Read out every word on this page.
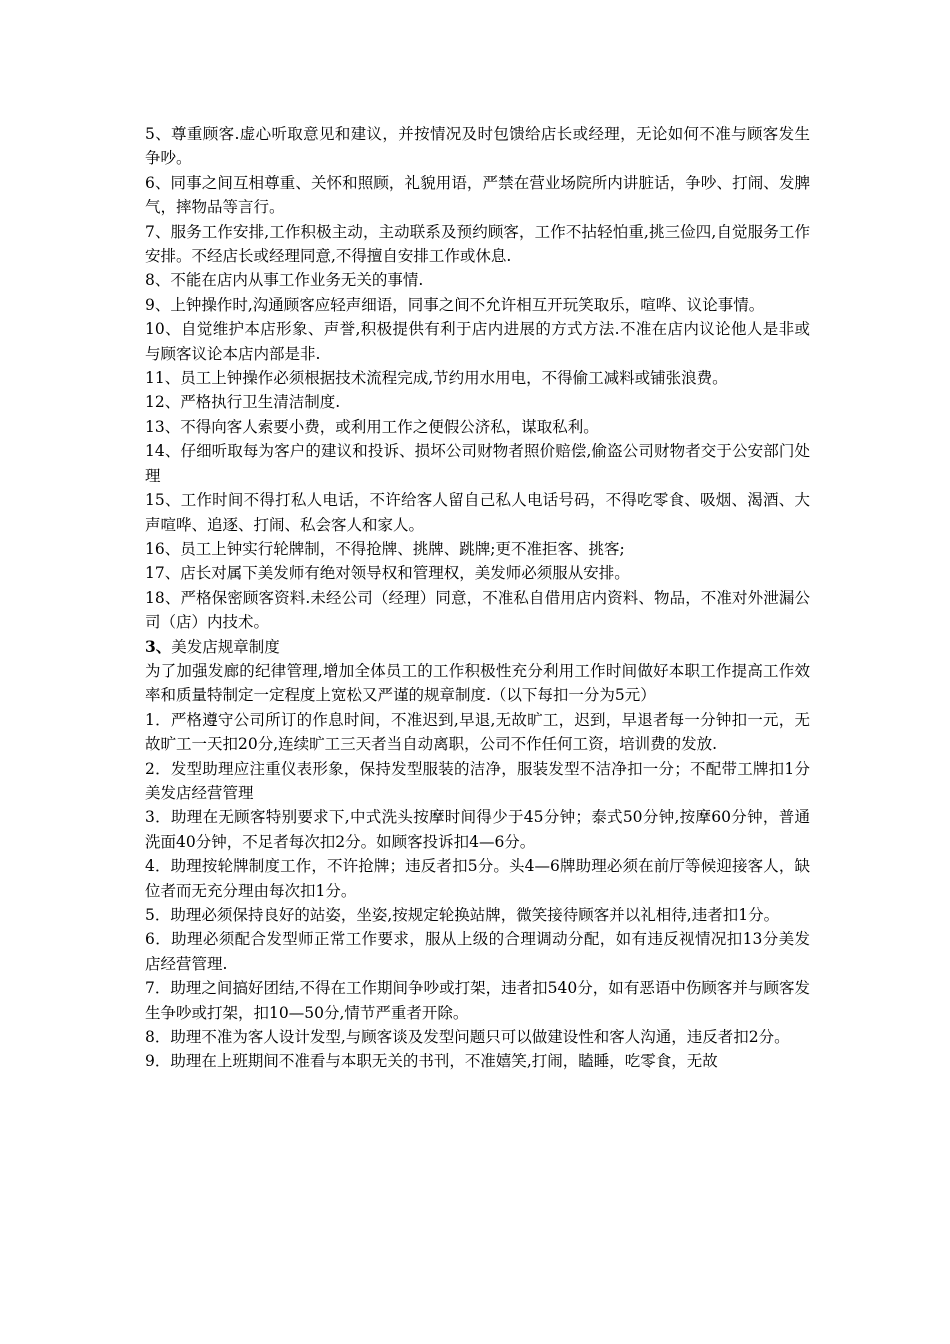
5、尊重顾客.虚心听取意见和建议，并按情况及时包馈给店长或经理，无论如何不准与顾客发生争吵。

6、同事之间互相尊重、关怀和照顾，礼貌用语，严禁在营业场院所内讲脏话，争吵、打闹、发脾气，摔物品等言行。

7、服务工作安排,工作积极主动，主动联系及预约顾客，工作不拈轻怕重,挑三俭四,自觉服务工作安排。不经店长或经理同意,不得擅自安排工作或休息.

8、不能在店内从事工作业务无关的事情.

9、上钟操作时,沟通顾客应轻声细语，同事之间不允许相互开玩笑取乐，喧哗、议论事情。

10、自觉维护本店形象、声誉,积极提供有利于店内进展的方式方法.不准在店内议论他人是非或与顾客议论本店内部是非.

11、员工上钟操作必须根据技术流程完成,节约用水用电，不得偷工减料或铺张浪费。

12、严格执行卫生清洁制度.

13、不得向客人索要小费，或利用工作之便假公济私，谋取私利。

14、仔细听取每为客户的建议和投诉、损坏公司财物者照价赔偿,偷盗公司财物者交于公安部门处理

15、工作时间不得打私人电话，不许给客人留自己私人电话号码，不得吃零食、吸烟、渴酒、大声喧哗、追逐、打闹、私会客人和家人。

16、员工上钟实行轮牌制，不得抢牌、挑牌、跳牌;更不准拒客、挑客;

17、店长对属下美发师有绝对领导权和管理权，美发师必须服从安排。

18、严格保密顾客资料.未经公司（经理）同意，不准私自借用店内资料、物品，不准对外泄漏公司（店）内技术。

3、美发店规章制度

为了加强发廊的纪律管理,增加全体员工的工作积极性充分利用工作时间做好本职工作提高工作效率和质量特制定一定程度上宽松又严谨的规章制度.（以下每扣一分为5元）

1．严格遵守公司所订的作息时间，不准迟到,早退,无故旷工，迟到，早退者每一分钟扣一元，无故旷工一天扣20分,连续旷工三天者当自动离职，公司不作任何工资，培训费的发放.

2．发型助理应注重仪表形象，保持发型服装的洁净，服装发型不洁净扣一分；不配带工牌扣1分美发店经营管理

3．助理在无顾客特别要求下,中式洗头按摩时间得少于45分钟；泰式50分钟,按摩60分钟，普通洗面40分钟，不足者每次扣2分。如顾客投诉扣4—6分。

4．助理按轮牌制度工作，不许抢牌；违反者扣5分。头4—6牌助理必须在前厅等候迎接客人，缺位者而无充分理由每次扣1分。

5．助理必须保持良好的站姿，坐姿,按规定轮换站牌，微笑接待顾客并以礼相待,违者扣1分。

6．助理必须配合发型师正常工作要求，服从上级的合理调动分配，如有违反视情况扣13分美发店经营管理.

7．助理之间搞好团结,不得在工作期间争吵或打架，违者扣540分，如有恶语中伤顾客并与顾客发生争吵或打架，扣10—50分,情节严重者开除。

8．助理不准为客人设计发型,与顾客谈及发型问题只可以做建设性和客人沟通，违反者扣2分。

9．助理在上班期间不准看与本职无关的书刊，不准嬉笑,打闹，瞌睡，吃零食，无故
